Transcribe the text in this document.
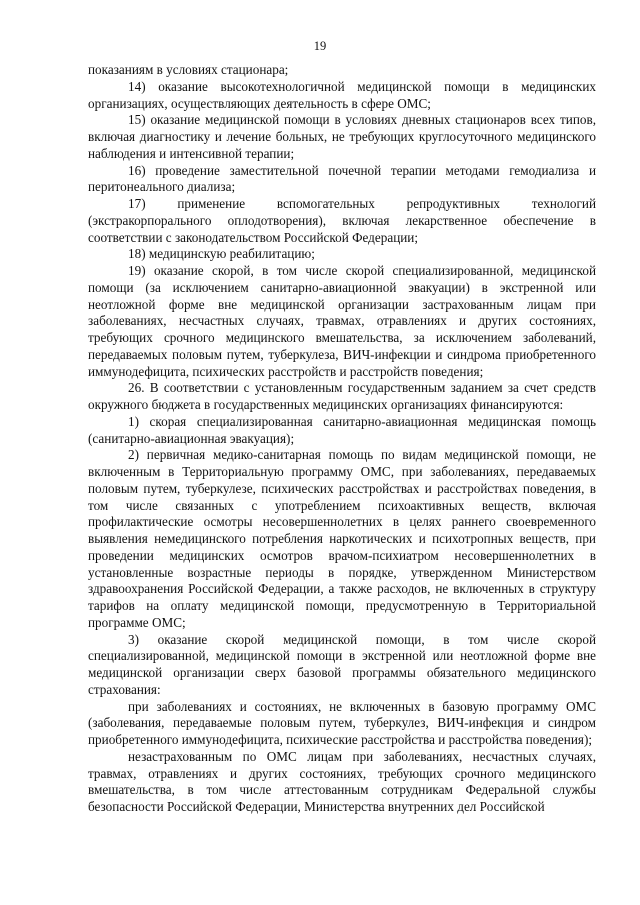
19

показаниям в условиях стационара;

14) оказание высокотехнологичной медицинской помощи в медицинских организациях, осуществляющих деятельность в сфере ОМС;

15) оказание медицинской помощи в условиях дневных стационаров всех типов, включая диагностику и лечение больных, не требующих круглосуточного медицинского наблюдения и интенсивной терапии;

16) проведение заместительной почечной терапии методами гемодиализа и перитонеального диализа;

17) применение вспомогательных репродуктивных технологий (экстракорпорального оплодотворения), включая лекарственное обеспечение в соответствии с законодательством Российской Федерации;

18) медицинскую реабилитацию;

19) оказание скорой, в том числе скорой специализированной, медицинской помощи (за исключением санитарно-авиационной эвакуации) в экстренной или неотложной форме вне медицинской организации застрахованным лицам при заболеваниях, несчастных случаях, травмах, отравлениях и других состояниях, требующих срочного медицинского вмешательства, за исключением заболеваний, передаваемых половым путем, туберкулеза, ВИЧ-инфекции и синдрома приобретенного иммунодефицита, психических расстройств и расстройств поведения;

26. В соответствии с установленным государственным заданием за счет средств окружного бюджета в государственных медицинских организациях финансируются:

1) скорая специализированная санитарно-авиационная медицинская помощь (санитарно-авиационная эвакуация);

2) первичная медико-санитарная помощь по видам медицинской помощи, не включенным в Территориальную программу ОМС, при заболеваниях, передаваемых половым путем, туберкулезе, психических расстройствах и расстройствах поведения, в том числе связанных с употреблением психоактивных веществ, включая профилактические осмотры несовершеннолетних в целях раннего своевременного выявления немедицинского потребления наркотических и психотропных веществ, при проведении медицинских осмотров врачом-психиатром несовершеннолетних в установленные возрастные периоды в порядке, утвержденном Министерством здравоохранения Российской Федерации, а также расходов, не включенных в структуру тарифов на оплату медицинской помощи, предусмотренную в Территориальной программе ОМС;

3) оказание скорой медицинской помощи, в том числе скорой специализированной, медицинской помощи в экстренной или неотложной форме вне медицинской организации сверх базовой программы обязательного медицинского страхования:

при заболеваниях и состояниях, не включенных в базовую программу ОМС (заболевания, передаваемые половым путем, туберкулез, ВИЧ-инфекция и синдром приобретенного иммунодефицита, психические расстройства и расстройства поведения);

незастрахованным по ОМС лицам при заболеваниях, несчастных случаях, травмах, отравлениях и других состояниях, требующих срочного медицинского вмешательства, в том числе аттестованным сотрудникам Федеральной службы безопасности Российской Федерации, Министерства внутренних дел Российской
